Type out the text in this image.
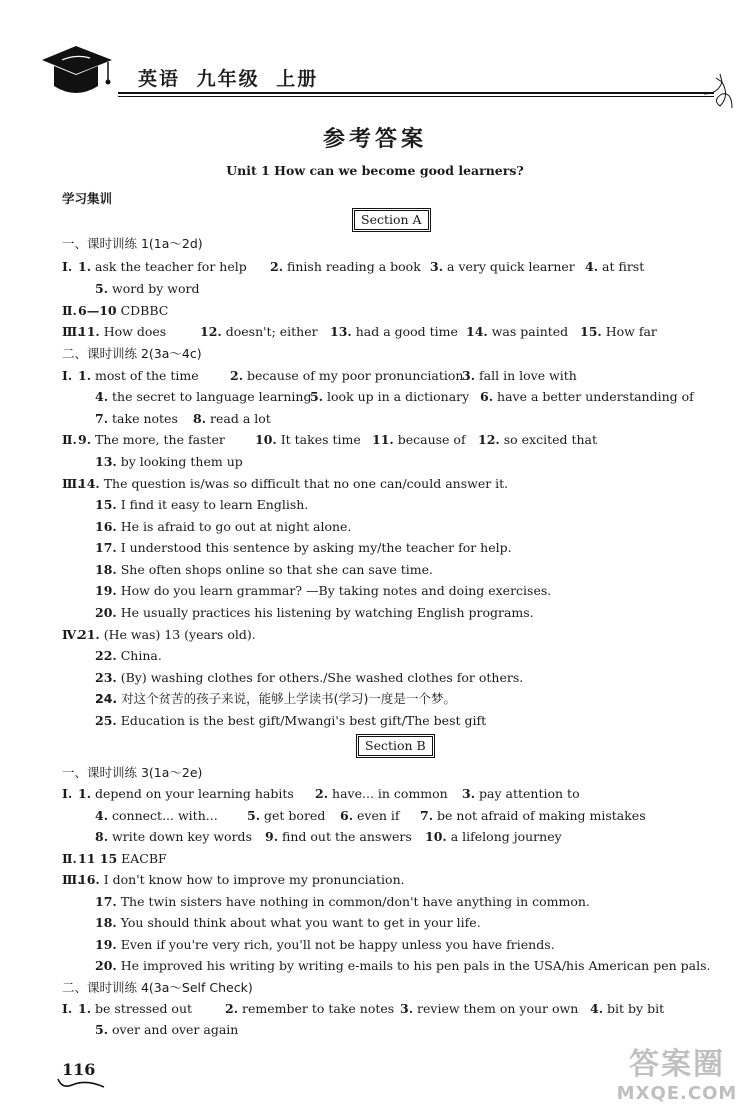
英语 九年级 上册
参考答案
Unit 1 How can we become good learners?
学习集训
Section A
Section B
一、课时训练 1(1a～2d)
Ⅰ. 1. ask the teacher for help 2. finish reading a book 3. a very quick learner 4. at first
5. word by word
Ⅱ. 6—10 CDBBC
Ⅲ.
11. How does	12. doesn't; either 13. had a good time 14. was painted 15. How far
二、课时训练 2(3a～4c)
Ⅰ. 1. most of the time	2. because of my poor pronunciation
3. fall in love with
4. the secret to language learning
5. look up in a dictionary 6. have a better understanding of
7. take notes 8. read a lot
Ⅱ. 9. The more, the faster 10. It takes time 11. because of 12. so excited that
13. by looking them up
Ⅲ.
14. The question is/was so difficult that no one can/could answer it.
15. I find it easy to learn English.
16. He is afraid to go out at night alone.
17. I understood this sentence by asking my/the teacher for help.
18. She often shops online so that she can save time.
19. How do you learn grammar? —By taking notes and doing exercises.
20. He usually practices his listening by watching English programs.
Ⅳ.
21. (He was) 13 (years old).
22. China.
23. (By) washing clothes for others./She washed clothes for others.
24. 对这个贫苦的孩子来说，能够上学读书(学习)一度是一个梦。
25. Education is the best gift/Mwangi's best gift/The best gift
一、课时训练 3(1a～2e)
Ⅰ. 1. depend on your learning habits 2. have... in common 3. pay attention to
4. connect... with... 5. get bored 6. even if 7. be not afraid of making mistakes
8. write down key words 9. find out the answers 10. a lifelong journey
Ⅱ. 11 15 EACBF
Ⅲ.
16. I don't know how to improve my pronunciation.
17. The twin sisters have nothing in common/don't have anything in common.
18. You should think about what you want to get in your life.
19. Even if you're very rich, you'll not be happy unless you have friends.
20. He improved his writing by writing e-mails to his pen pals in the USA/his American pen pals.
二、课时训练 4(3a～Self Check)
Ⅰ. 1. be stressed out	2. remember to take notes 3. review them on your own 4. bit by bit
5. over and over again
116	答案圈
MXQE.COM
